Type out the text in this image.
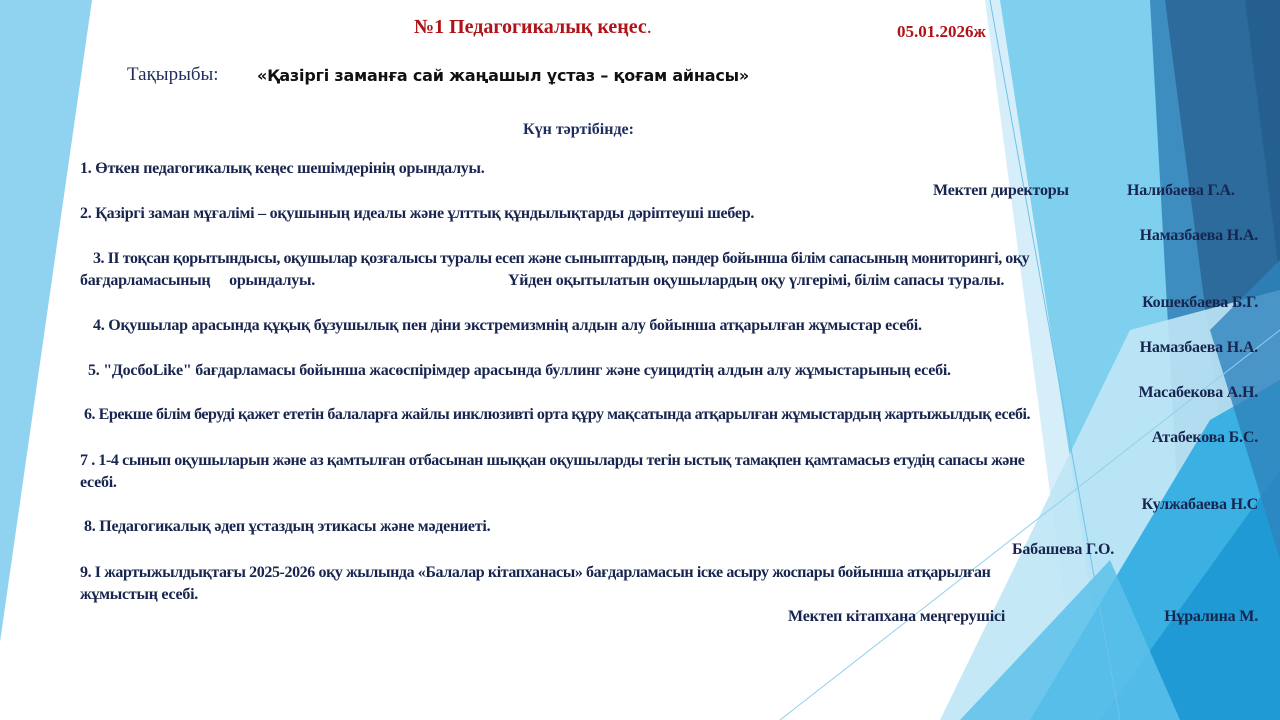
№1 Педагогикалық кеңес.	05.01.2026ж
Тақырыбы: «Қазіргі заманға сай жаңашыл ұстаз – қоғам айнасы»
Күн тәртібінде:
1. Өткен педагогикалық кеңес шешімдерінің орындалуы.
Мектеп директоры	Налибаева Г.А.
2. Қазіргі заман мұғалімі – оқушының идеалы және ұлттық құндылықтарды дәріптеуші шебер.
Намазбаева Н.А.
3. ІІ тоқсан қорытындысы, оқушылар қозғалысы туралы есеп және сыныптардың, пәндер бойынша білім сапасының мониторингі, оқу
бағдарламасының     орындалуы.	Үйден оқытылатын оқушылардың оқу үлгерімі, білім сапасы туралы.
Кошекбаева Б.Г.
4. Оқушылар арасында құқық бұзушылық пен діни экстремизмнің алдын алу бойынша атқарылған жұмыстар есебі.
Намазбаева Н.А.
5. "ДосбоLike" бағдарламасы бойынша жасөспірімдер арасында буллинг және суицидтің алдын алу жұмыстарының есебі.
Масабекова А.Н.
6. Ерекше білім беруді қажет ететін балаларға жайлы инклюзивті орта құру мақсатында атқарылған жұмыстардың жартыжылдық есебі.
Атабекова Б.С.
7 . 1-4 сынып оқушыларын және аз қамтылған отбасынан шыққан оқушыларды тегін ыстық тамақпен қамтамасыз етудің сапасы және
есебі.
Кулжабаева Н.С
8. Педагогикалық әдеп ұстаздың этикасы және мәдениеті.
Бабашева Г.О.
9. І жартыжылдықтағы 2025-2026 оқу жылында «Балалар кітапханасы» бағдарламасын іске асыру жоспары бойынша атқарылған
жұмыстың есебі.
Мектеп кітапхана меңгерушісі	Нұралина М.
